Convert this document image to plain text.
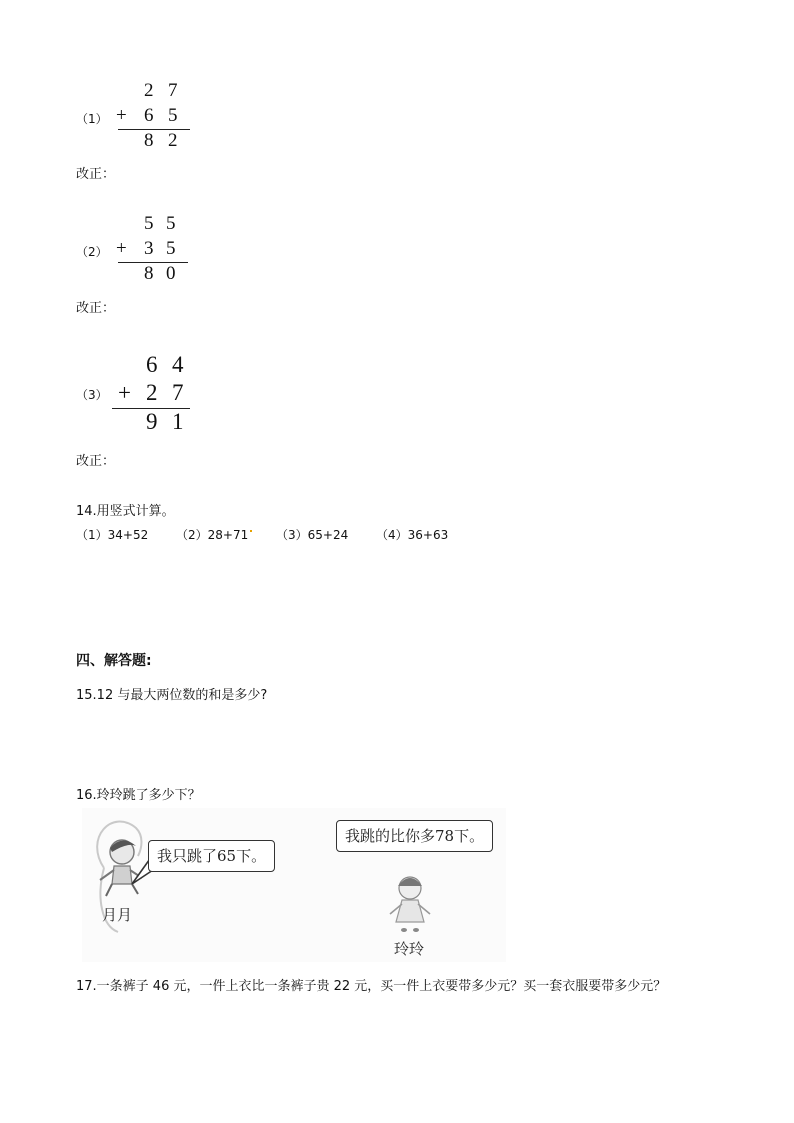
2 7
（1） + 6 5
8 2
改正：
5 5
（2） + 3 5
8 0
改正：
6 4
（3） + 2 7
9 1
改正：
14.用竖式计算。
（1）34+52 （2）28+71 （3）65+24 （4）36+63
四、解答题:
15.12 与最大两位数的和是多少?
16.玲玲跳了多少下？
我只跳了65下。
我跳的比你多78下。
月月
玲玲
17.一条裤子 46 元，一件上衣比一条裤子贵 22 元，买一件上衣要带多少元？买一套衣服要带多少元？
